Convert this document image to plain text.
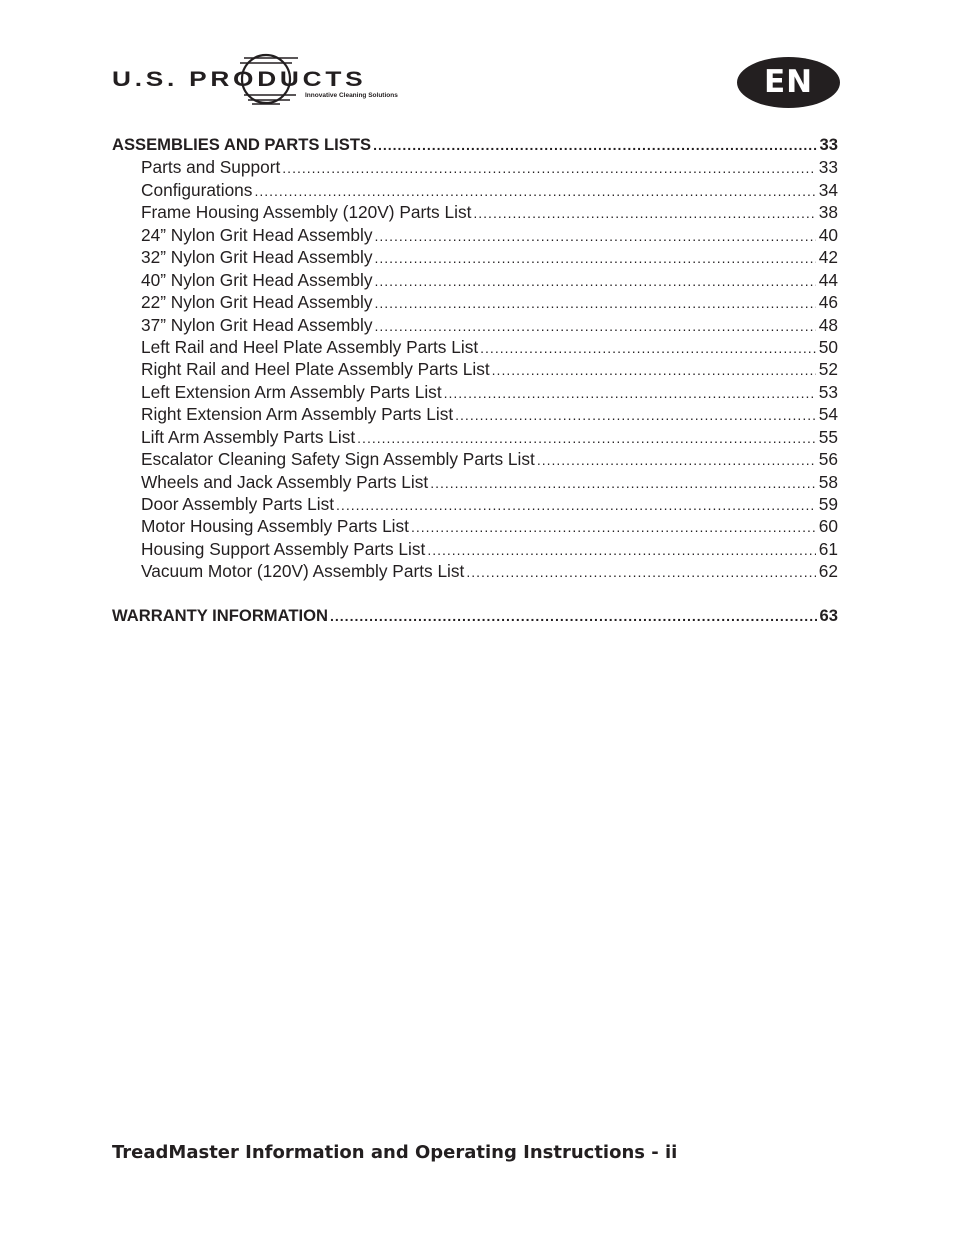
U.S. PRODUCTS
Innovative Cleaning Solutions	EN
ASSEMBLIES AND PARTS LISTS .....	33
Parts and Support .....	33
Configurations .....	34
Frame Housing Assembly (120V) Parts List .....	38
24” Nylon Grit Head Assembly .....	40
32” Nylon Grit Head Assembly .....	42
40” Nylon Grit Head Assembly .....	44
22” Nylon Grit Head Assembly .....	46
37” Nylon Grit Head Assembly .....	48
Left Rail and Heel Plate Assembly Parts List .....	50
Right Rail and Heel Plate Assembly Parts List .....	52
Left Extension Arm Assembly Parts List .....	53
Right Extension Arm Assembly Parts List .....	54
Lift Arm Assembly Parts List .....	55
Escalator Cleaning Safety Sign Assembly Parts List .....	56
Wheels and Jack Assembly Parts List .....	58
Door Assembly Parts List .....	59
Motor Housing Assembly Parts List .....	60
Housing Support Assembly Parts List .....	61
Vacuum Motor (120V) Assembly Parts List .....	62
WARRANTY INFORMATION .....	63
TreadMaster Information and Operating Instructions - ii
